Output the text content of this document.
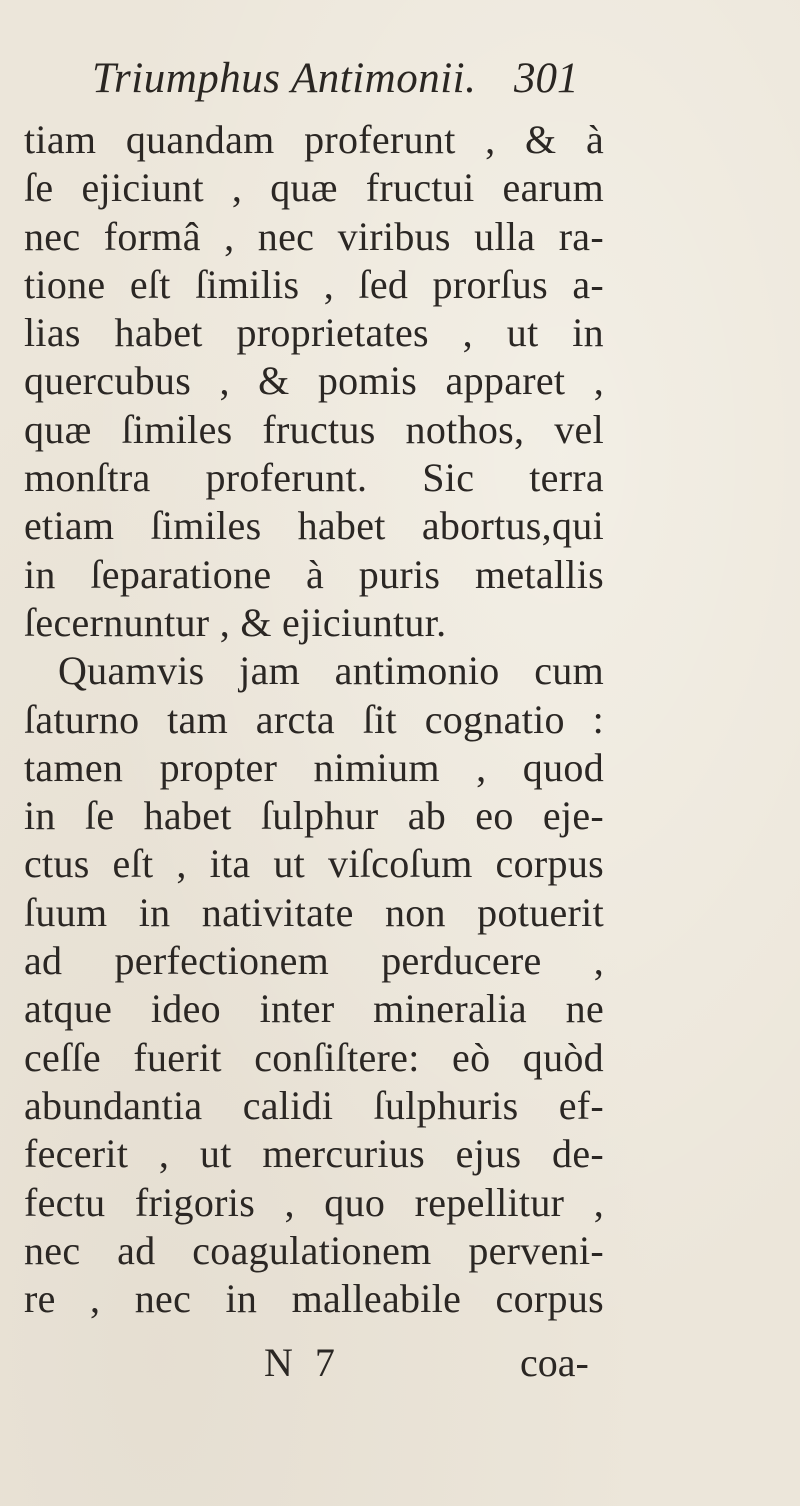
Triumphus Antimonii. 301
tiam quandam proferunt , & à
ſe ejiciunt , quæ fructui earum
nec formâ , nec viribus ulla ra-
tione eſt ſimilis , ſed prorſus a-
lias habet proprietates , ut in
quercubus , & pomis apparet ,
quæ ſimiles fructus nothos, vel
monſtra proferunt. Sic terra
etiam ſimiles habet abortus,qui
in ſeparatione à puris metallis
ſecernuntur , & ejiciuntur.
Quamvis jam antimonio cum
ſaturno tam arcta ſit cognatio :
tamen propter nimium , quod
in ſe habet ſulphur ab eo eje-
ctus eſt , ita ut viſcoſum corpus
ſuum in nativitate non potuerit
ad perfectionem perducere ,
atque ideo inter mineralia ne
ceſſe fuerit conſiſtere: eò quòd
abundantia calidi ſulphuris ef-
fecerit , ut mercurius ejus de-
fectu frigoris , quo repellitur ,
nec ad coagulationem perveni-
re , nec in malleabile corpus
N 7	coa-
